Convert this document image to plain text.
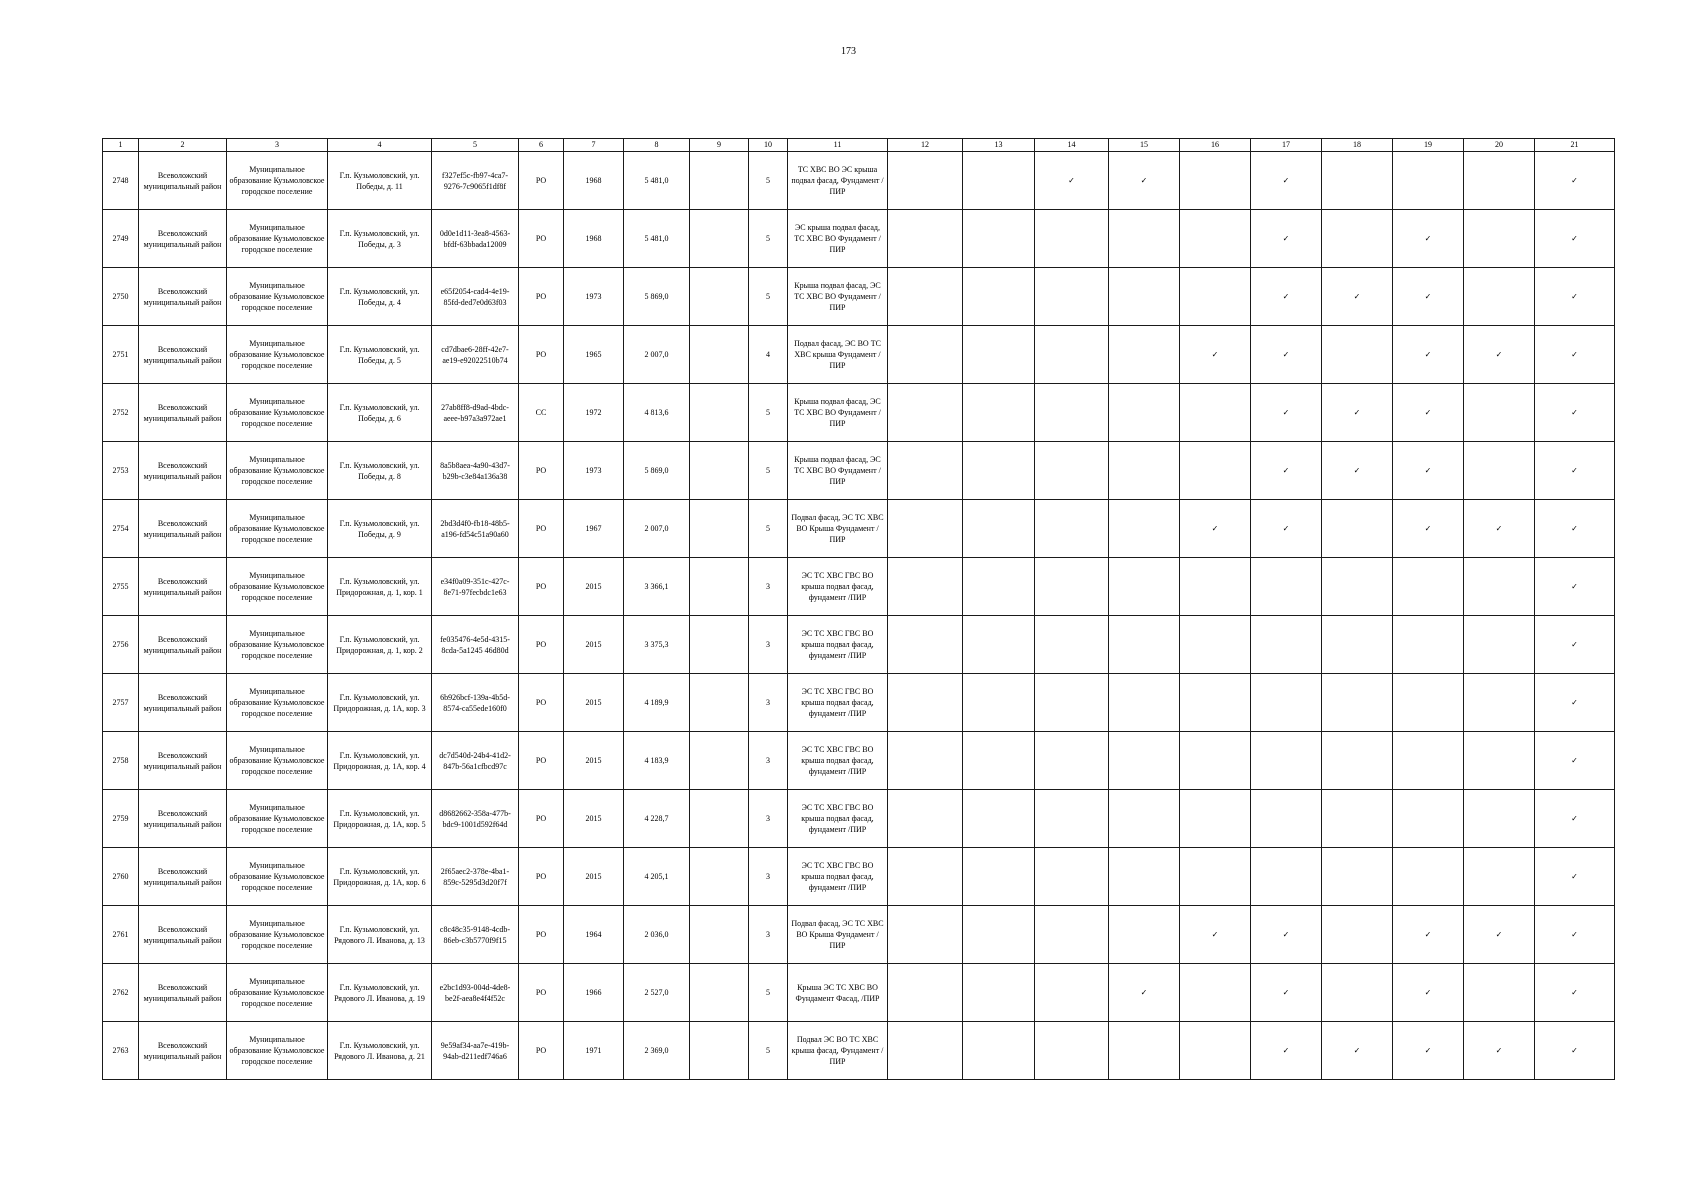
173
1	2	3	4	5	6	7	8	9	10	11	12	13	14	15	16	17	18	19	20	21
2748	Всеволожский муниципальный район	Муниципальное образование Кузьмоловское городское поселение	Г.п. Кузьмоловский, ул. Победы, д. 11	f327ef5c-fb97-4ca7-9276-7c9065f1df8f	РО	1968	5 481,0		5	ТС ХВС ВО ЭС крыша подвал фасад, Фундамент /ПИР			✓	✓		✓				✓
2749	Всеволожский муниципальный район	Муниципальное образование Кузьмоловское городское поселение	Г.п. Кузьмоловский, ул. Победы, д. 3	0d0e1d11-3ea8-4563-bfdf-63bbada12009	РО	1968	5 481,0		5	ЭС крыша подвал фасад, ТС ХВС ВО Фундамент /ПИР						✓		✓		✓
2750	Всеволожский муниципальный район	Муниципальное образование Кузьмоловское городское поселение	Г.п. Кузьмоловский, ул. Победы, д. 4	e65f2054-cad4-4e19-85fd-ded7e0d63f03	РО	1973	5 869,0		5	Крыша подвал фасад, ЭС ТС ХВС ВО Фундамент /ПИР						✓	✓	✓		✓
2751	Всеволожский муниципальный район	Муниципальное образование Кузьмоловское городское поселение	Г.п. Кузьмоловский, ул. Победы, д. 5	cd7dbae6-28ff-42e7-ae19-e92022510b74	РО	1965	2 007,0		4	Подвал фасад, ЭС ВО ТС ХВС крыша Фундамент /ПИР					✓	✓		✓	✓	✓
2752	Всеволожский муниципальный район	Муниципальное образование Кузьмоловское городское поселение	Г.п. Кузьмоловский, ул. Победы, д. 6	27ab8ff8-d9ad-4bdc-aeee-b97a3a972ae1	СС	1972	4 813,6		5	Крыша подвал фасад, ЭС ТС ХВС ВО Фундамент /ПИР						✓	✓	✓		✓
2753	Всеволожский муниципальный район	Муниципальное образование Кузьмоловское городское поселение	Г.п. Кузьмоловский, ул. Победы, д. 8	8a5b8aea-4a90-43d7-b29b-c3e84a136a38	РО	1973	5 869,0		5	Крыша подвал фасад, ЭС ТС ХВС ВО Фундамент /ПИР						✓	✓	✓		✓
2754	Всеволожский муниципальный район	Муниципальное образование Кузьмоловское городское поселение	Г.п. Кузьмоловский, ул. Победы, д. 9	2bd3d4f0-fb18-48b5-a196-fd54c51a90a60	РО	1967	2 007,0		5	Подвал фасад, ЭС ТС ХВС ВО Крыша Фундамент /ПИР					✓	✓		✓	✓	✓
2755	Всеволожский муниципальный район	Муниципальное образование Кузьмоловское городское поселение	Г.п. Кузьмоловский, ул. Придорожная, д. 1, кор. 1	e34f0a09-351c-427c-8e71-97fecbdc1e63	РО	2015	3 366,1		3	ЭС ТС ХВС ГВС ВО крыша подвал фасад, фундамент /ПИР										✓
2756	Всеволожский муниципальный район	Муниципальное образование Кузьмоловское городское поселение	Г.п. Кузьмоловский, ул. Придорожная, д. 1, кор. 2	fe035476-4e5d-4315-8cda-5a1245 46d80d	РО	2015	3 375,3		3	ЭС ТС ХВС ГВС ВО крыша подвал фасад, фундамент /ПИР										✓
2757	Всеволожский муниципальный район	Муниципальное образование Кузьмоловское городское поселение	Г.п. Кузьмоловский, ул. Придорожная, д. 1А, кор. 3	6b926bcf-139a-4b5d-8574-ca55ede160f0	РО	2015	4 189,9		3	ЭС ТС ХВС ГВС ВО крыша подвал фасад, фундамент /ПИР										✓
2758	Всеволожский муниципальный район	Муниципальное образование Кузьмоловское городское поселение	Г.п. Кузьмоловский, ул. Придорожная, д. 1А, кор. 4	dc7d540d-24b4-41d2-847b-56a1cfbcd97c	РО	2015	4 183,9		3	ЭС ТС ХВС ГВС ВО крыша подвал фасад, фундамент /ПИР										✓
2759	Всеволожский муниципальный район	Муниципальное образование Кузьмоловское городское поселение	Г.п. Кузьмоловский, ул. Придорожная, д. 1А, кор. 5	d8682662-358a-477b-bdc9-1001d592f64d	РО	2015	4 228,7		3	ЭС ТС ХВС ГВС ВО крыша подвал фасад, фундамент /ПИР										✓
2760	Всеволожский муниципальный район	Муниципальное образование Кузьмоловское городское поселение	Г.п. Кузьмоловский, ул. Придорожная, д. 1А, кор. 6	2f65aec2-378e-4ba1-859c-5295d3d20f7f	РО	2015	4 205,1		3	ЭС ТС ХВС ГВС ВО крыша подвал фасад, фундамент /ПИР										✓
2761	Всеволожский муниципальный район	Муниципальное образование Кузьмоловское городское поселение	Г.п. Кузьмоловский, ул. Рядового Л. Иванова, д. 13	c8c48c35-9148-4cdb-86eb-c3b5770f9f15	РО	1964	2 036,0		3	Подвал фасад, ЭС ТС ХВС ВО Крыша Фундамент /ПИР					✓	✓		✓	✓	✓
2762	Всеволожский муниципальный район	Муниципальное образование Кузьмоловское городское поселение	Г.п. Кузьмоловский, ул. Рядового Л. Иванова, д. 19	e2bc1d93-004d-4de8-be2f-aea8e4f4f52c	РО	1966	2 527,0		5	Крыша ЭС ТС ХВС ВО Фундамент Фасад, /ПИР				✓		✓		✓		✓
2763	Всеволожский муниципальный район	Муниципальное образование Кузьмоловское городское поселение	Г.п. Кузьмоловский, ул. Рядового Л. Иванова, д. 21	9e59af34-aa7e-419b-94ab-d211edf746a6	РО	1971	2 369,0		5	Подвал ЭС ВО ТС ХВС крыша фасад, Фундамент /ПИР						✓	✓	✓	✓	✓
